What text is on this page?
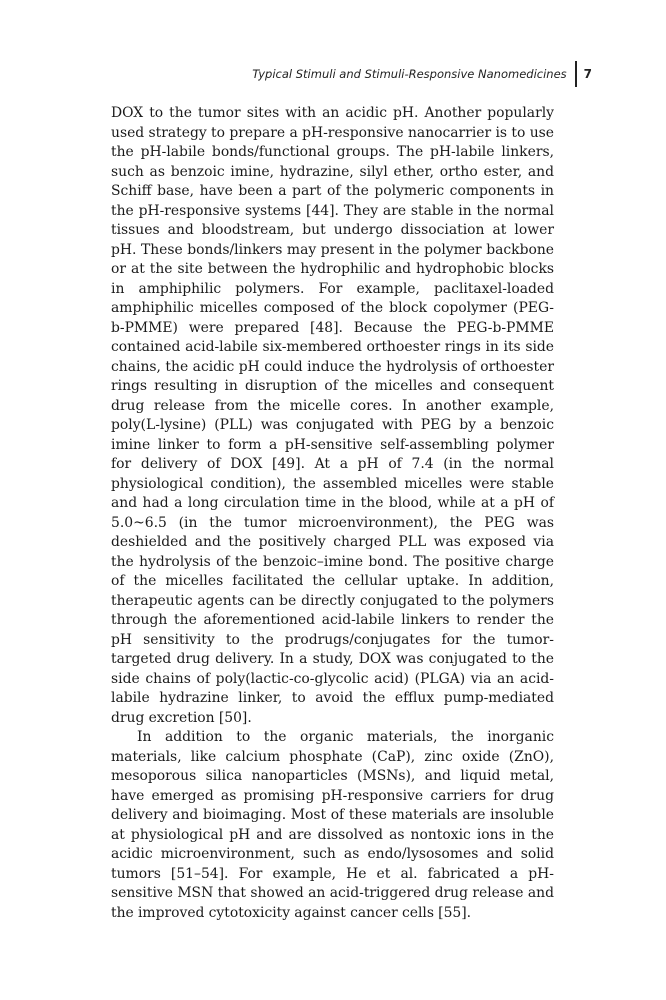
Typical Stimuli and Stimuli-Responsive Nanomedicines 7

DOX to the tumor sites with an acidic pH. Another popularly used strategy to prepare a pH-responsive nanocarrier is to use the pH-labile bonds/functional groups. The pH-labile linkers, such as benzoic imine, hydrazine, silyl ether, ortho ester, and Schiff base, have been a part of the polymeric components in the pH-responsive systems [44]. They are stable in the normal tissues and bloodstream, but undergo dissociation at lower pH. These bonds/linkers may present in the polymer backbone or at the site between the hydrophilic and hydrophobic blocks in amphiphilic polymers. For example, paclitaxel-loaded amphiphilic micelles composed of the block copolymer (PEG-b-PMME) were prepared [48]. Because the PEG-b-PMME contained acid-labile six-membered orthoester rings in its side chains, the acidic pH could induce the hydrolysis of orthoester rings resulting in disruption of the micelles and consequent drug release from the micelle cores. In another example, poly(L-lysine) (PLL) was conjugated with PEG by a benzoic imine linker to form a pH-sensitive self-assembling polymer for delivery of DOX [49]. At a pH of 7.4 (in the normal physiological condition), the assembled micelles were stable and had a long circulation time in the blood, while at a pH of 5.0~6.5 (in the tumor microenvironment), the PEG was deshielded and the positively charged PLL was exposed via the hydrolysis of the benzoic–imine bond. The positive charge of the micelles facilitated the cellular uptake. In addition, therapeutic agents can be directly conjugated to the polymers through the aforementioned acid-labile linkers to render the pH sensitivity to the prodrugs/conjugates for the tumor-targeted drug delivery. In a study, DOX was conjugated to the side chains of poly(lactic-co-glycolic acid) (PLGA) via an acid-labile hydrazine linker, to avoid the efflux pump-mediated drug excretion [50].

In addition to the organic materials, the inorganic materials, like calcium phosphate (CaP), zinc oxide (ZnO), mesoporous silica nanoparticles (MSNs), and liquid metal, have emerged as promising pH-responsive carriers for drug delivery and bioimaging. Most of these materials are insoluble at physiological pH and are dissolved as nontoxic ions in the acidic microenvironment, such as endo/lysosomes and solid tumors [51–54]. For example, He et al. fabricated a pH-sensitive MSN that showed an acid-triggered drug release and the improved cytotoxicity against cancer cells [55].
